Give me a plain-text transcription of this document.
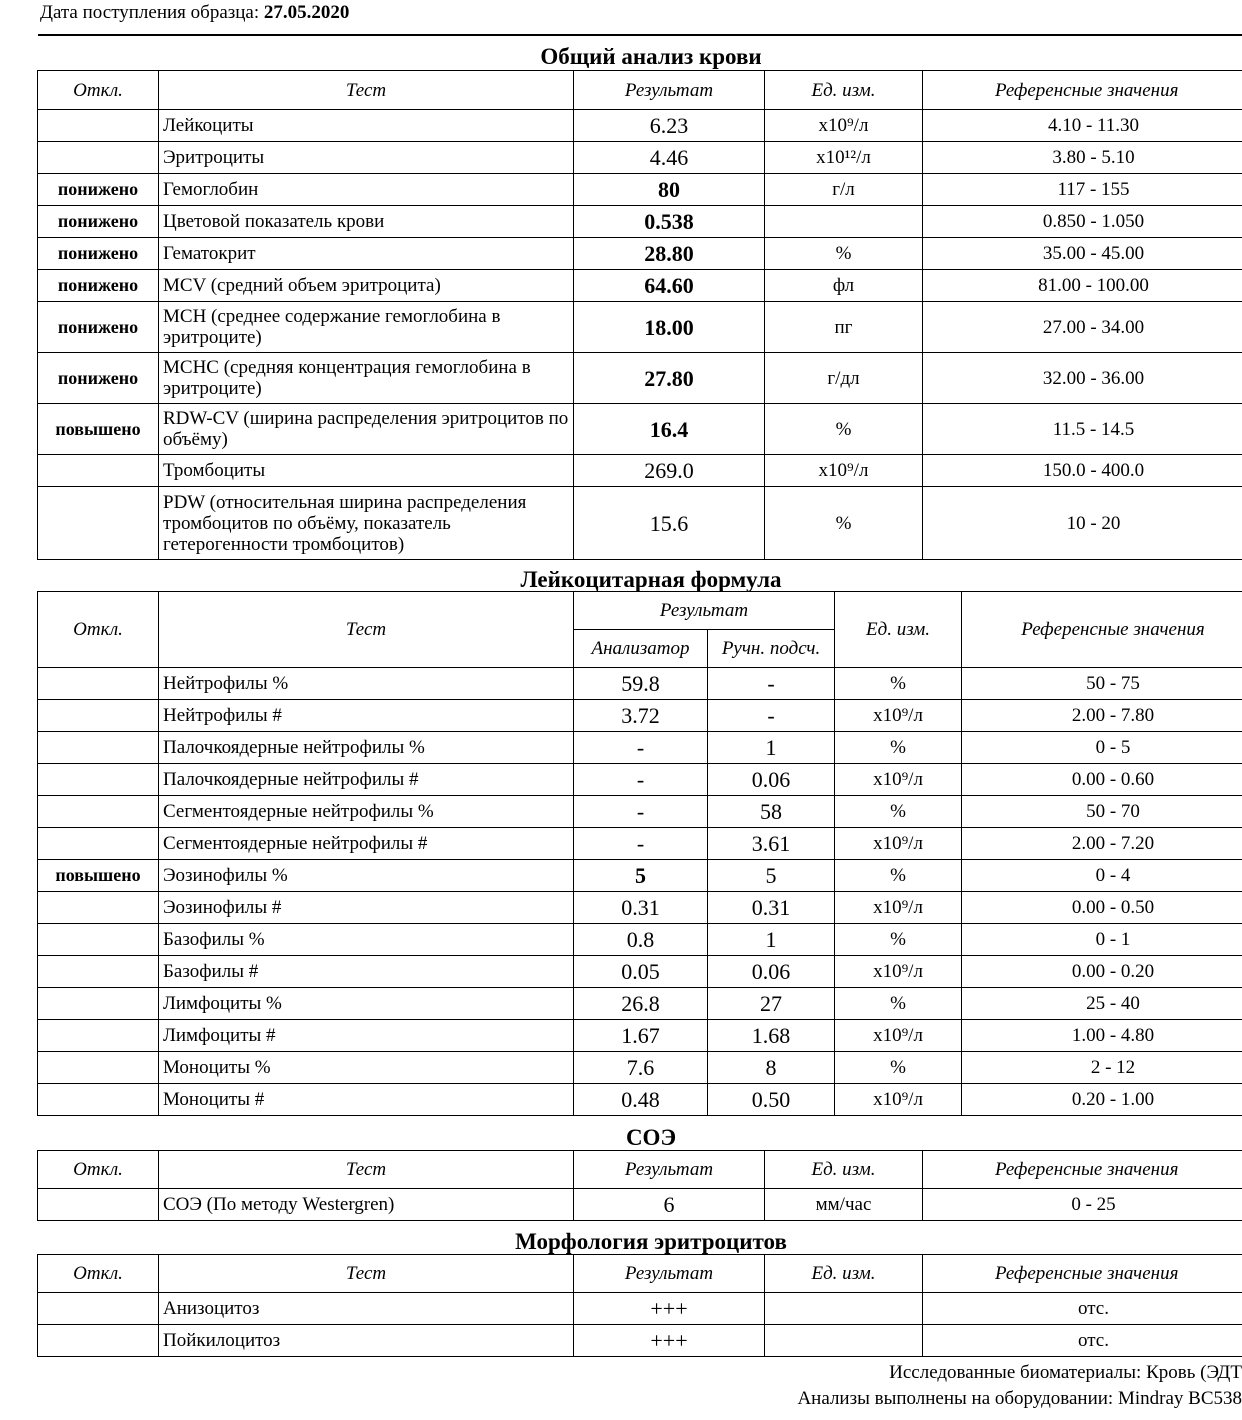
Дата поступления образца: 27.05.2020
Общий анализ крови
Откл.	Тест	Результат	Ед. изм.	Референсные значения
	Лейкоциты	6.23	x10⁹/л	4.10 - 11.30
	Эритроциты	4.46	x10¹²/л	3.80 - 5.10
понижено	Гемоглобин	80	г/л	117 - 155
понижено	Цветовой показатель крови	0.538		0.850 - 1.050
понижено	Гематокрит	28.80	%	35.00 - 45.00
понижено	MCV (средний объем эритроцита)	64.60	фл	81.00 - 100.00
понижено	MCH (среднее содержание гемоглобина в эритроците)	18.00	пг	27.00 - 34.00
понижено	MCHC (средняя концентрация гемоглобина в эритроците)	27.80	г/дл	32.00 - 36.00
повышено	RDW-CV (ширина распределения эритроцитов по объёму)	16.4	%	11.5 - 14.5
	Тромбоциты	269.0	x10⁹/л	150.0 - 400.0
	PDW (относительная ширина распределения тромбоцитов по объёму, показатель гетерогенности тромбоцитов)	15.6	%	10 - 20
Лейкоцитарная формула
Откл.	Тест	Результат		Ед. изм.	Референсные значения
		Анализатор	Ручн. подсч.		
	Нейтрофилы %	59.8	-	%	50 - 75
	Нейтрофилы #	3.72	-	x10⁹/л	2.00 - 7.80
	Палочкоядерные нейтрофилы %	-	1	%	0 - 5
	Палочкоядерные нейтрофилы #	-	0.06	x10⁹/л	0.00 - 0.60
	Сегментоядерные нейтрофилы %	-	58	%	50 - 70
	Сегментоядерные нейтрофилы #	-	3.61	x10⁹/л	2.00 - 7.20
повышено	Эозинофилы %	5	5	%	0 - 4
	Эозинофилы #	0.31	0.31	x10⁹/л	0.00 - 0.50
	Базофилы %	0.8	1	%	0 - 1
	Базофилы #	0.05	0.06	x10⁹/л	0.00 - 0.20
	Лимфоциты %	26.8	27	%	25 - 40
	Лимфоциты #	1.67	1.68	x10⁹/л	1.00 - 4.80
	Моноциты %	7.6	8	%	2 - 12
	Моноциты #	0.48	0.50	x10⁹/л	0.20 - 1.00
СОЭ
Откл.	Тест	Результат	Ед. изм.	Референсные значения
	СОЭ (По методу Westergren)	6	мм/час	0 - 25
Морфология эритроцитов
Откл.	Тест	Результат	Ед. изм.	Референсные значения
	Анизоцитоз	+++		отс.
	Пойкилоцитоз	+++		отс.
Исследованные биоматериалы: Кровь (ЭДТ
Анализы выполнены на оборудовании: Mindray BC538
